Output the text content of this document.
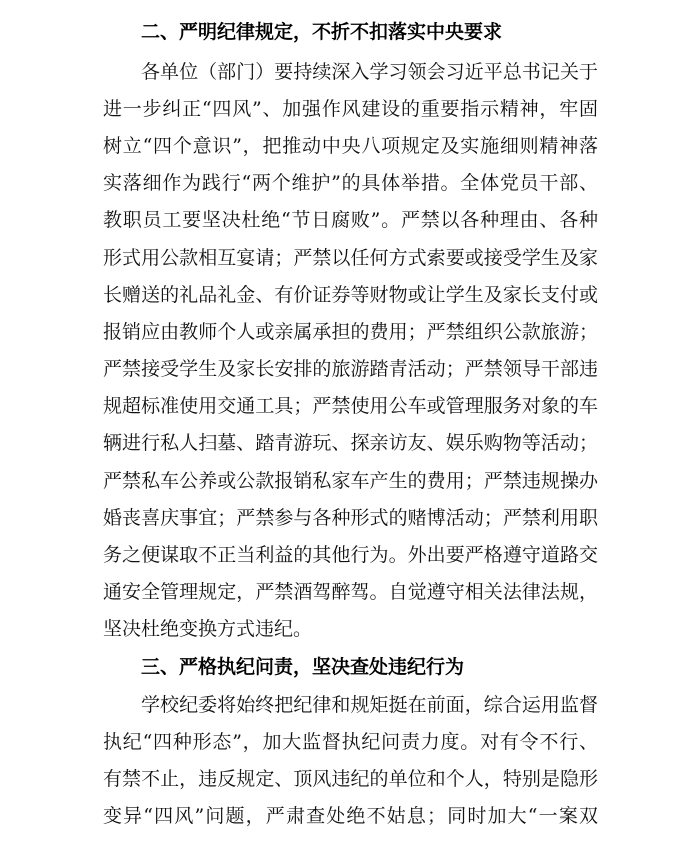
二、严明纪律规定，不折不扣落实中央要求
各单位（部门）要持续深入学习领会习近平总书记关于
进一步纠正“四风”、加强作风建设的重要指示精神，牢固
树立“四个意识”，把推动中央八项规定及实施细则精神落
实落细作为践行“两个维护”的具体举措。全体党员干部、
教职员工要坚决杜绝“节日腐败”。严禁以各种理由、各种
形式用公款相互宴请；严禁以任何方式索要或接受学生及家
长赠送的礼品礼金、有价证券等财物或让学生及家长支付或
报销应由教师个人或亲属承担的费用；严禁组织公款旅游；
严禁接受学生及家长安排的旅游踏青活动；严禁领导干部违
规超标准使用交通工具；严禁使用公车或管理服务对象的车
辆进行私人扫墓、踏青游玩、探亲访友、娱乐购物等活动；
严禁私车公养或公款报销私家车产生的费用；严禁违规操办
婚丧喜庆事宜；严禁参与各种形式的赌博活动；严禁利用职
务之便谋取不正当利益的其他行为。外出要严格遵守道路交
通安全管理规定，严禁酒驾醉驾。自觉遵守相关法律法规，
坚决杜绝变换方式违纪。
三、严格执纪问责，坚决查处违纪行为
学校纪委将始终把纪律和规矩挺在前面，综合运用监督
执纪“四种形态”，加大监督执纪问责力度。对有令不行、
有禁不止，违反规定、顶风违纪的单位和个人，特别是隐形
变异“四风”问题，严肃查处绝不姑息；同时加大“一案双
